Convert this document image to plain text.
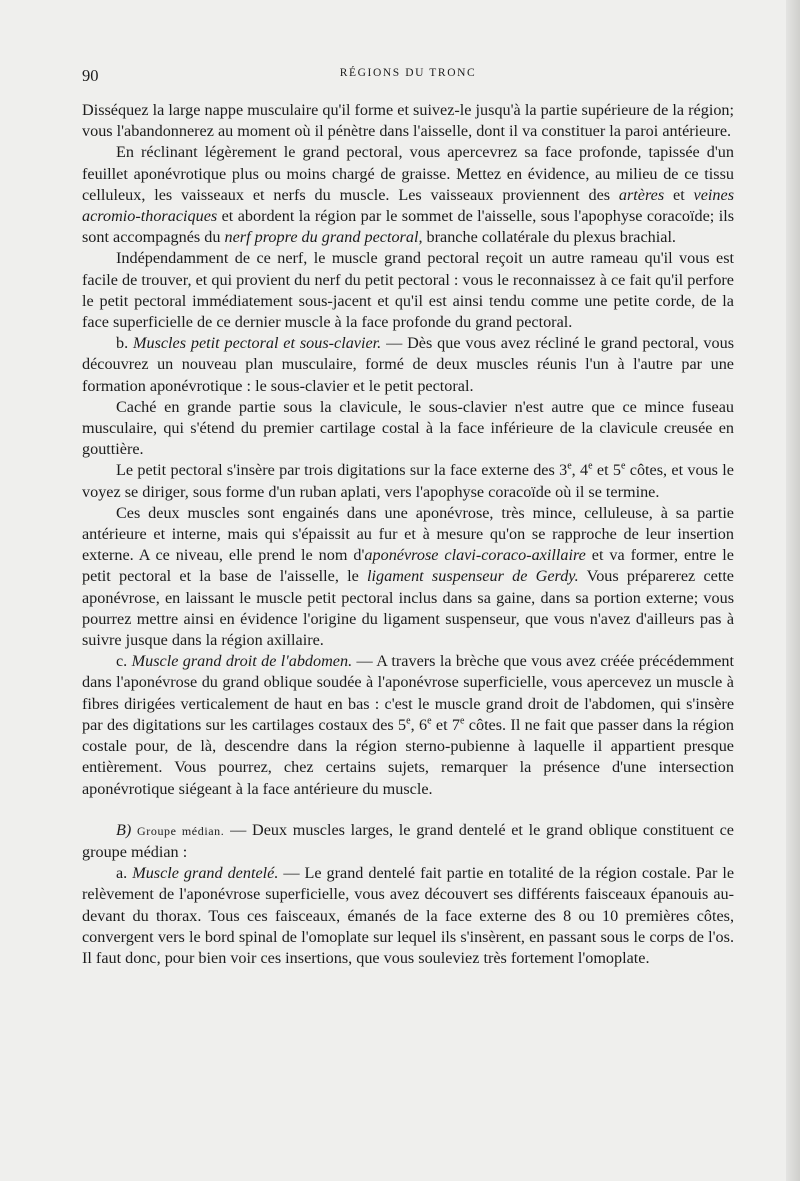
90	RÉGIONS DU TRONC

Disséquez la large nappe musculaire qu'il forme et suivez-le jusqu'à la partie supérieure de la région; vous l'abandonnerez au moment où il pénètre dans l'aisselle, dont il va constituer la paroi antérieure.

En réclinant légèrement le grand pectoral, vous apercevrez sa face profonde, tapissée d'un feuillet aponévrotique plus ou moins chargé de graisse. Mettez en évidence, au milieu de ce tissu celluleux, les vaisseaux et nerfs du muscle. Les vaisseaux proviennent des artères et veines acromio-thoraciques et abordent la région par le sommet de l'aisselle, sous l'apophyse coracoïde; ils sont accompagnés du nerf propre du grand pectoral, branche collatérale du plexus brachial.

Indépendamment de ce nerf, le muscle grand pectoral reçoit un autre rameau qu'il vous est facile de trouver, et qui provient du nerf du petit pectoral : vous le reconnaissez à ce fait qu'il perfore le petit pectoral immédiatement sous-jacent et qu'il est ainsi tendu comme une petite corde, de la face superficielle de ce dernier muscle à la face profonde du grand pectoral.

b. Muscles petit pectoral et sous-clavier. — Dès que vous avez récliné le grand pectoral, vous découvrez un nouveau plan musculaire, formé de deux muscles réunis l'un à l'autre par une formation aponévrotique : le sous-clavier et le petit pectoral.

Caché en grande partie sous la clavicule, le sous-clavier n'est autre que ce mince fuseau musculaire, qui s'étend du premier cartilage costal à la face inférieure de la clavicule creusée en gouttière.

Le petit pectoral s'insère par trois digitations sur la face externe des 3e, 4e et 5e côtes, et vous le voyez se diriger, sous forme d'un ruban aplati, vers l'apophyse coracoïde où il se termine.

Ces deux muscles sont engainés dans une aponévrose, très mince, celluleuse, à sa partie antérieure et interne, mais qui s'épaissit au fur et à mesure qu'on se rapproche de leur insertion externe. A ce niveau, elle prend le nom d'aponévrose clavi-coraco-axillaire et va former, entre le petit pectoral et la base de l'aisselle, le ligament suspenseur de Gerdy. Vous préparerez cette aponévrose, en laissant le muscle petit pectoral inclus dans sa gaine, dans sa portion externe; vous pourrez mettre ainsi en évidence l'origine du ligament suspenseur, que vous n'avez d'ailleurs pas à suivre jusque dans la région axillaire.

c. Muscle grand droit de l'abdomen. — A travers la brèche que vous avez créée précédemment dans l'aponévrose du grand oblique soudée à l'aponévrose superficielle, vous apercevez un muscle à fibres dirigées verticalement de haut en bas : c'est le muscle grand droit de l'abdomen, qui s'insère par des digitations sur les cartilages costaux des 5e, 6e et 7e côtes. Il ne fait que passer dans la région costale pour, de là, descendre dans la région sterno-pubienne à laquelle il appartient presque entièrement. Vous pourrez, chez certains sujets, remarquer la présence d'une intersection aponévrotique siégeant à la face antérieure du muscle.

B) Groupe médian. — Deux muscles larges, le grand dentelé et le grand oblique constituent ce groupe médian :

a. Muscle grand dentelé. — Le grand dentelé fait partie en totalité de la région costale. Par le relèvement de l'aponévrose superficielle, vous avez découvert ses différents faisceaux épanouis au-devant du thorax. Tous ces faisceaux, émanés de la face externe des 8 ou 10 premières côtes, convergent vers le bord spinal de l'omoplate sur lequel ils s'insèrent, en passant sous le corps de l'os. Il faut donc, pour bien voir ces insertions, que vous souleviez très fortement l'omoplate.
